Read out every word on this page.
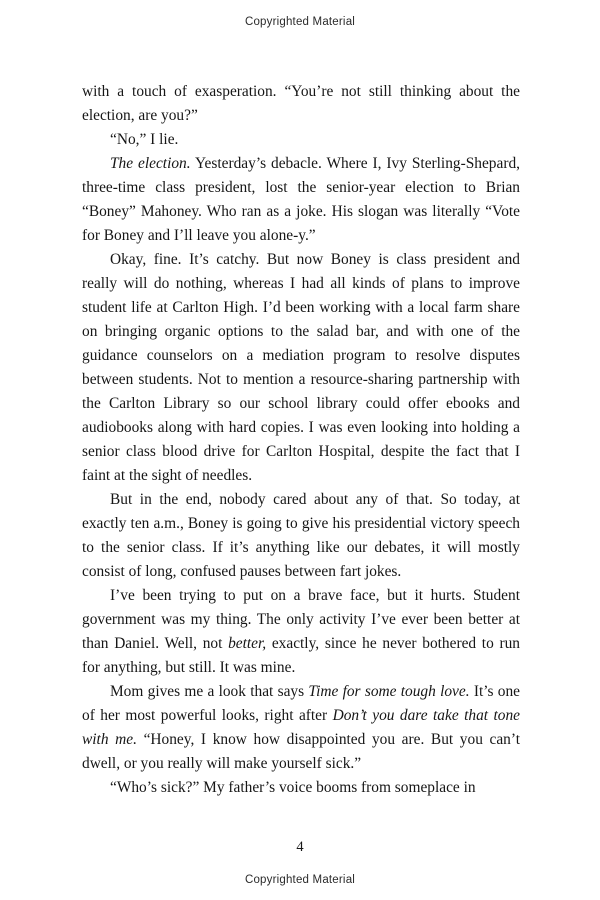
Copyrighted Material

with a touch of exasperation. “You’re not still thinking about the election, are you?”

“No,” I lie.

The election. Yesterday’s debacle. Where I, Ivy Sterling-Shepard, three-time class president, lost the senior-year election to Brian “Boney” Mahoney. Who ran as a joke. His slogan was literally “Vote for Boney and I’ll leave you alone-y.”

Okay, fine. It’s catchy. But now Boney is class president and really will do nothing, whereas I had all kinds of plans to improve student life at Carlton High. I’d been working with a local farm share on bringing organic options to the salad bar, and with one of the guidance counselors on a mediation program to resolve disputes between students. Not to mention a resource-sharing partnership with the Carlton Library so our school library could offer ebooks and audiobooks along with hard copies. I was even looking into holding a senior class blood drive for Carlton Hospital, despite the fact that I faint at the sight of needles.

But in the end, nobody cared about any of that. So today, at exactly ten a.m., Boney is going to give his presidential victory speech to the senior class. If it’s anything like our debates, it will mostly consist of long, confused pauses between fart jokes.

I’ve been trying to put on a brave face, but it hurts. Student government was my thing. The only activity I’ve ever been better at than Daniel. Well, not better, exactly, since he never bothered to run for anything, but still. It was mine.

Mom gives me a look that says Time for some tough love. It’s one of her most powerful looks, right after Don’t you dare take that tone with me. “Honey, I know how disappointed you are. But you can’t dwell, or you really will make yourself sick.”

“Who’s sick?” My father’s voice booms from someplace in

4
Copyrighted Material
